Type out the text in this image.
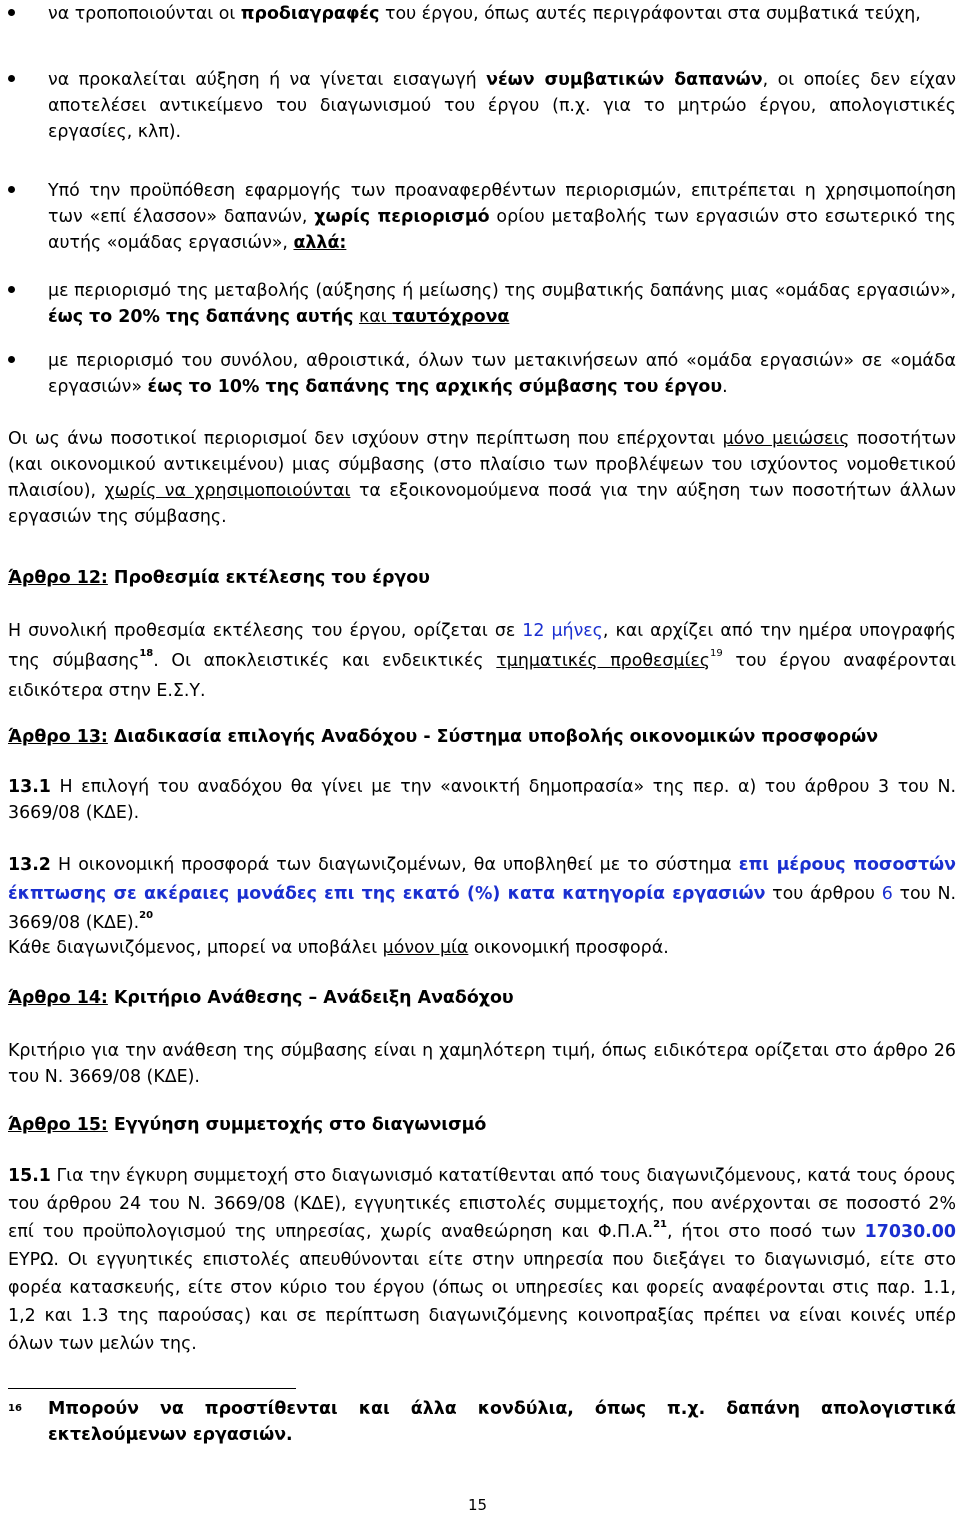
να τροποποιούνται οι προδιαγραφές του έργου, όπως αυτές περιγράφονται στα συμβατικά τεύχη,
να προκαλείται αύξηση ή να γίνεται εισαγωγή νέων συμβατικών δαπανών, οι οποίες δεν είχαν αποτελέσει αντικείμενο του διαγωνισμού του έργου (π.χ. για το μητρώο έργου, απολογιστικές εργασίες, κλπ).
Υπό την προϋπόθεση εφαρμογής των προαναφερθέντων περιορισμών, επιτρέπεται η χρησιμοποίηση των «επί έλασσον» δαπανών, χωρίς περιορισμό ορίου μεταβολής των εργασιών στο εσωτερικό της αυτής «ομάδας εργασιών», αλλά:
με περιορισμό της μεταβολής (αύξησης ή μείωσης) της συμβατικής δαπάνης μιας «ομάδας εργασιών», έως το 20% της δαπάνης αυτής και ταυτόχρονα
με περιορισμό του συνόλου, αθροιστικά, όλων των μετακινήσεων από «ομάδα εργασιών» σε «ομάδα εργασιών» έως το 10% της δαπάνης της αρχικής σύμβασης του έργου.
Οι ως άνω ποσοτικοί περιορισμοί δεν ισχύουν στην περίπτωση που επέρχονται μόνο μειώσεις ποσοτήτων (και οικονομικού αντικειμένου) μιας σύμβασης (στο πλαίσιο των προβλέψεων του ισχύοντος νομοθετικού πλαισίου), χωρίς να χρησιμοποιούνται τα εξοικονομούμενα ποσά για την αύξηση των ποσοτήτων άλλων εργασιών της σύμβασης.
Άρθρο 12: Προθεσμία εκτέλεσης του έργου
Η συνολική προθεσμία εκτέλεσης του έργου, ορίζεται σε 12 μήνες, και αρχίζει από την ημέρα υπογραφής της σύμβασης$^{18}$. Οι αποκλειστικές και ενδεικτικές τμηματικές προθεσμίες$^{19}$ του έργου αναφέρονται ειδικότερα στην Ε.Σ.Υ.
Άρθρο 13: Διαδικασία επιλογής Αναδόχου - Σύστημα υποβολής οικονομικών προσφορών
13.1 Η επιλογή του αναδόχου θα γίνει με την «ανοικτή δημοπρασία» της περ. α) του άρθρου 3 του Ν. 3669/08 (ΚΔΕ).
13.2 Η οικονομική προσφορά των διαγωνιζομένων, θα υποβληθεί με το σύστημα επι μέρους ποσοστών έκπτωσης σε ακέραιες μονάδες επι της εκατό (%) κατα κατηγορία εργασιών του άρθρου 6 του Ν. 3669/08 (ΚΔΕ).$^{20}$
Κάθε διαγωνιζόμενος, μπορεί να υποβάλει μόνον μία οικονομική προσφορά.
Άρθρο 14: Κριτήριο Ανάθεσης – Ανάδειξη Αναδόχου
Κριτήριο για την ανάθεση της σύμβασης είναι η χαμηλότερη τιμή, όπως ειδικότερα ορίζεται στο άρθρο 26 του Ν. 3669/08 (ΚΔΕ).
Άρθρο 15: Εγγύηση συμμετοχής στο διαγωνισμό
15.1 Για την έγκυρη συμμετοχή στο διαγωνισμό κατατίθενται από τους διαγωνιζόμενους, κατά τους όρους του άρθρου 24 του Ν. 3669/08 (ΚΔΕ), εγγυητικές επιστολές συμμετοχής, που ανέρχονται σε ποσοστό 2% επί του προϋπολογισμού της υπηρεσίας, χωρίς αναθεώρηση και Φ.Π.Α.$^{21}$, ήτοι στο ποσό των 17030.00 ΕΥΡΩ. Οι εγγυητικές επιστολές απευθύνονται είτε στην υπηρεσία που διεξάγει το διαγωνισμό, είτε στο φορέα κατασκευής, είτε στον κύριο του έργου (όπως οι υπηρεσίες και φορείς αναφέρονται στις παρ. 1.1, 1,2 και 1.3 της παρούσας) και σε περίπτωση διαγωνιζόμενης κοινοπραξίας πρέπει να είναι κοινές υπέρ όλων των μελών της.
16	Μπορούν να προστίθενται και άλλα κονδύλια, όπως π.χ. δαπάνη απολογιστικά εκτελούμενων εργασιών.
15
